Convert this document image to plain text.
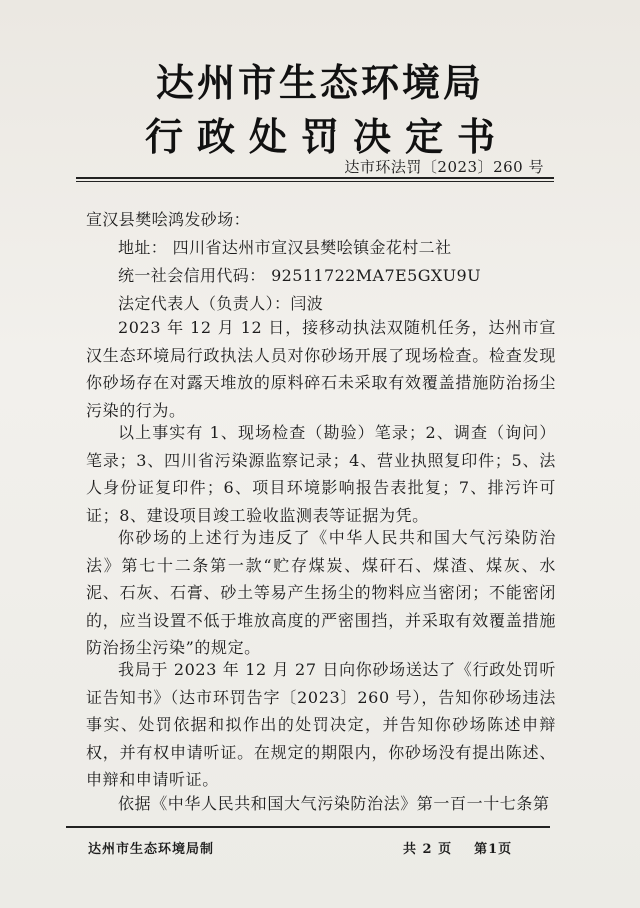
达州市生态环境局
行政处罚决定书
达市环法罚〔2023〕260 号
宣汉县樊哙鸿发砂场：
地址： 四川省达州市宣汉县樊哙镇金花村二社
统一社会信用代码： 92511722MA7E5GXU9U
法定代表人（负责人）：闫波
2023 年 12 月 12 日，接移动执法双随机任务，达州市宣汉生态环境局行政执法人员对你砂场开展了现场检查。检查发现你砂场存在对露天堆放的原料碎石未采取有效覆盖措施防治扬尘污染的行为。
以上事实有 1、现场检查（勘验）笔录；2、调查（询问）笔录；3、四川省污染源监察记录；4、营业执照复印件；5、法人身份证复印件；6、项目环境影响报告表批复；7、排污许可证；8、建设项目竣工验收监测表等证据为凭。
你砂场的上述行为违反了《中华人民共和国大气污染防治法》第七十二条第一款“贮存煤炭、煤矸石、煤渣、煤灰、水泥、石灰、石膏、砂土等易产生扬尘的物料应当密闭；不能密闭的，应当设置不低于堆放高度的严密围挡，并采取有效覆盖措施防治扬尘污染”的规定。
我局于 2023 年 12 月 27 日向你砂场送达了《行政处罚听证告知书》（达市环罚告字〔2023〕260 号），告知你砂场违法事实、处罚依据和拟作出的处罚决定，并告知你砂场陈述申辩权，并有权申请听证。在规定的期限内，你砂场没有提出陈述、申辩和申请听证。
依据《中华人民共和国大气污染防治法》第一百一十七条第
达州市生态环境局制	共 2 页 第1页
